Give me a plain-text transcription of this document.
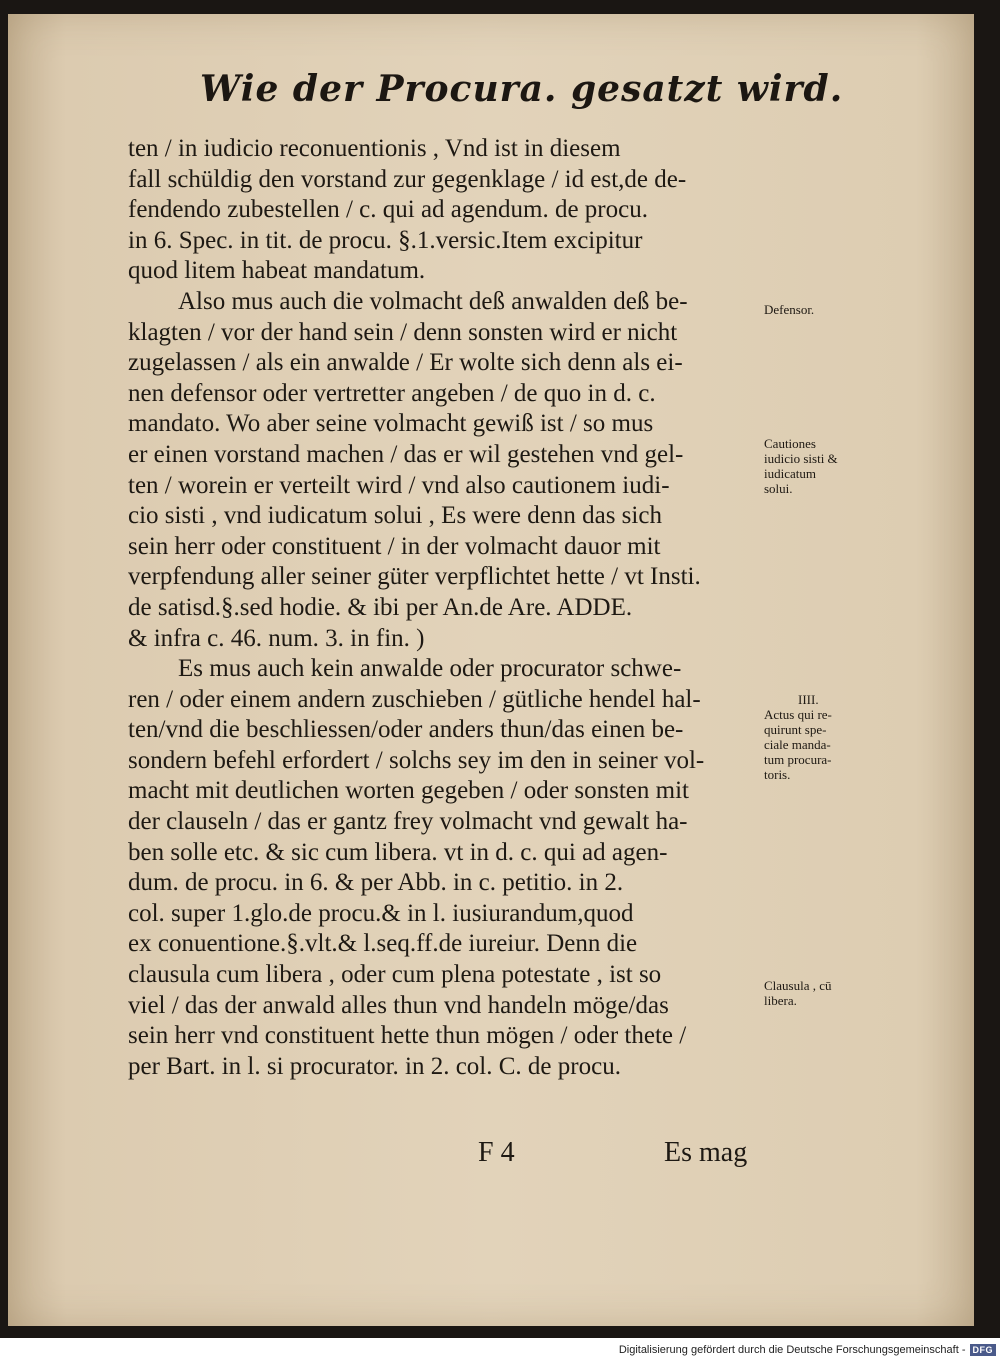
Wie der Procura. gesatzt wird.
ten / in iudicio reconuentionis , Vnd ist in diesem
fall schüldig den vorstand zur gegenklage / id est,de de-
fendendo zubestellen / c. qui ad agendum. de procu.
in 6. Spec. in tit. de procu. §.1.versic.Item excipitur
quod litem habeat mandatum.
Also mus auch die volmacht deß anwalden deß be-
klagten / vor der hand sein / denn sonsten wird er nicht
zugelassen / als ein anwalde / Er wolte sich denn als ei-
nen defensor oder vertretter angeben / de quo in d. c.
mandato. Wo aber seine volmacht gewiß ist / so mus
er einen vorstand machen / das er wil gestehen vnd gel-
ten / worein er verteilt wird / vnd also cautionem iudi-
cio sisti , vnd iudicatum solui , Es were denn das sich
sein herr oder constituent / in der volmacht dauor mit
verpfendung aller seiner güter verpflichtet hette / vt Insti.
de satisd.§.sed hodie. & ibi per An.de Are. ADDE.
& infra c. 46. num. 3. in fin. )
Es mus auch kein anwalde oder procurator schwe-
ren / oder einem andern zuschieben / gütliche hendel hal-
ten/vnd die beschliessen/oder anders thun/das einen be-
sondern befehl erfordert / solchs sey im den in seiner vol-
macht mit deutlichen worten gegeben / oder sonsten mit
der clauseln / das er gantz frey volmacht vnd gewalt ha-
ben solle etc. & sic cum libera. vt in d. c. qui ad agen-
dum. de procu. in 6. & per Abb. in c. petitio. in 2.
col. super 1.glo.de procu.& in l. iusiurandum,quod
ex conuentione.§.vlt.& l.seq.ff.de iureiur. Denn die
clausula cum libera , oder cum plena potestate , ist so
viel / das der anwald alles thun vnd handeln möge/das
sein herr vnd constituent hette thun mögen / oder thete /
per Bart. in l. si procurator. in 2. col. C. de procu.
Defensor.
Cautiones
iudicio sisti &
iudicatum
solui.
IIII.
Actus qui re-
quirunt spe-
ciale manda-
tum procura-
toris.
Clausula , cū
libera.
F 4	Es mag
Digitalisierung gefördert durch die Deutsche Forschungsgemeinschaft - DFG
